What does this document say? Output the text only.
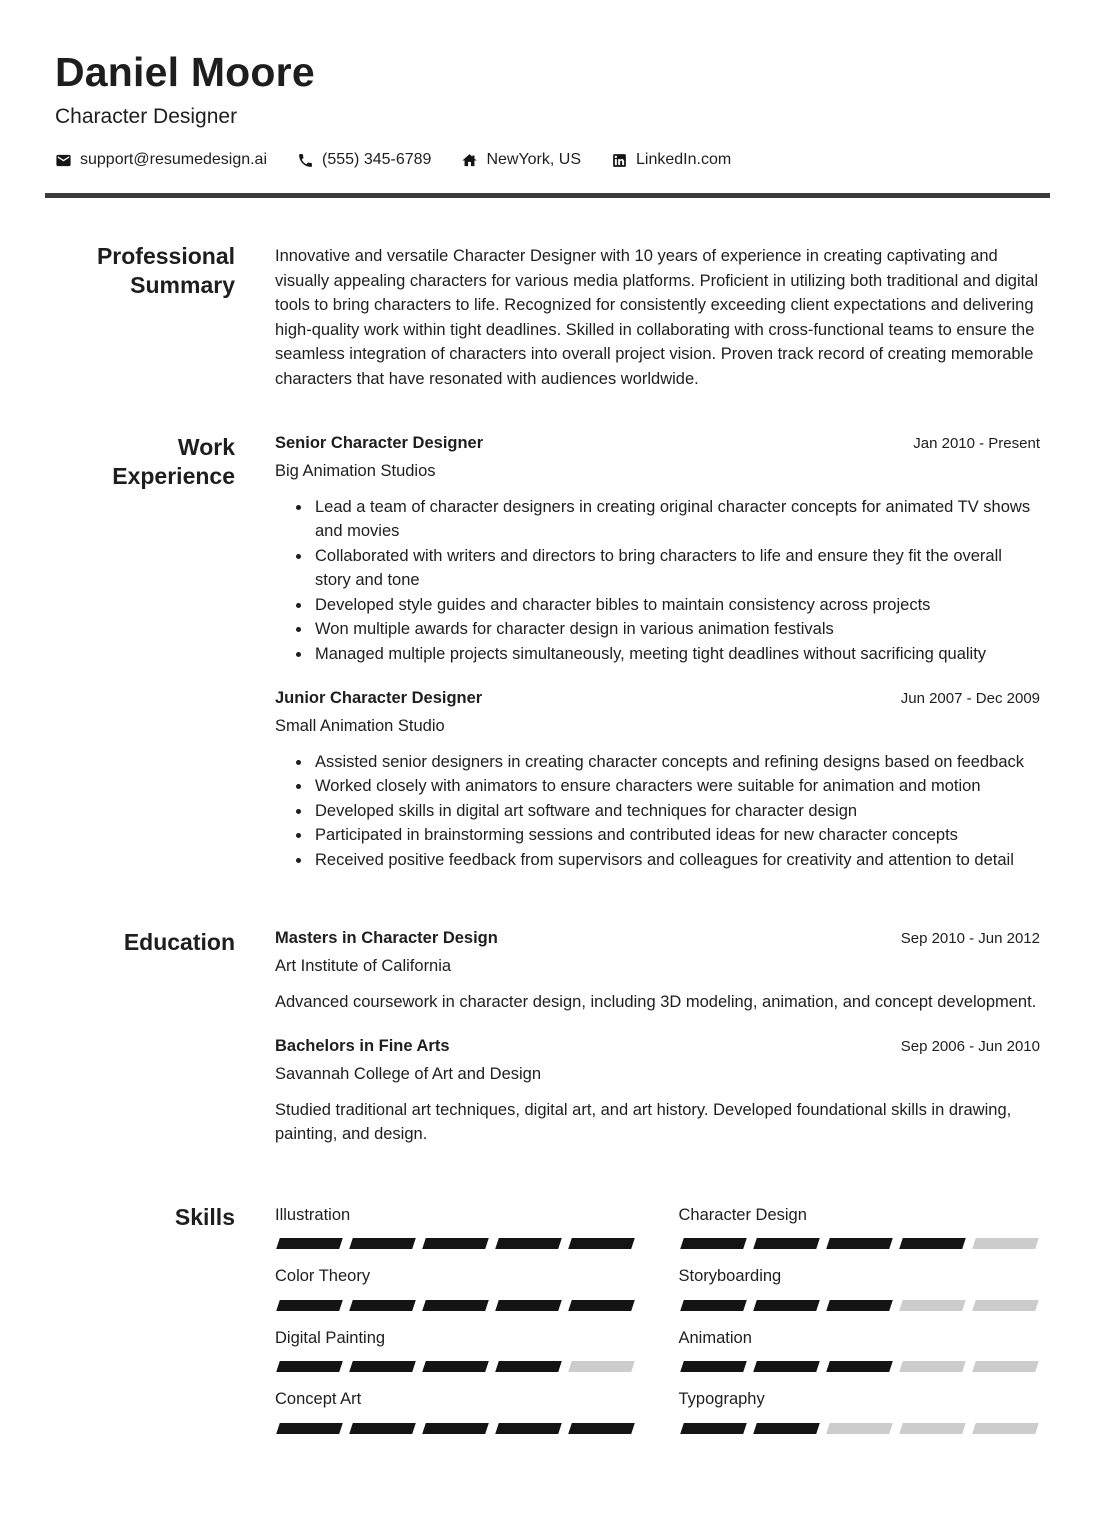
Daniel Moore
Character Designer
support@resumedesign.ai	(555) 345-6789	NewYork, US	LinkedIn.com
Professional Summary

Innovative and versatile Character Designer with 10 years of experience in creating captivating and visually appealing characters for various media platforms. Proficient in utilizing both traditional and digital tools to bring characters to life. Recognized for consistently exceeding client expectations and delivering high-quality work within tight deadlines. Skilled in collaborating with cross-functional teams to ensure the seamless integration of characters into overall project vision. Proven track record of creating memorable characters that have resonated with audiences worldwide.

Work Experience
Senior Character Designer	Jan 2010 - Present
Big Animation Studios
• Lead a team of character designers in creating original character concepts for animated TV shows and movies
• Collaborated with writers and directors to bring characters to life and ensure they fit the overall story and tone
• Developed style guides and character bibles to maintain consistency across projects
• Won multiple awards for character design in various animation festivals
• Managed multiple projects simultaneously, meeting tight deadlines without sacrificing quality
Junior Character Designer	Jun 2007 - Dec 2009
Small Animation Studio
• Assisted senior designers in creating character concepts and refining designs based on feedback
• Worked closely with animators to ensure characters were suitable for animation and motion
• Developed skills in digital art software and techniques for character design
• Participated in brainstorming sessions and contributed ideas for new character concepts
• Received positive feedback from supervisors and colleagues for creativity and attention to detail
Education Masters in Character Design	Sep 2010 - Jun 2012
Art Institute of California

Advanced coursework in character design, including 3D modeling, animation, and concept development.

Bachelors in Fine Arts	Sep 2006 - Jun 2010
Savannah College of Art and Design

Studied traditional art techniques, digital art, and art history. Developed foundational skills in drawing, painting, and design.

Skills Illustration	Character Design
Color Theory	Storyboarding
Digital Painting	Animation
Concept Art	Typography
